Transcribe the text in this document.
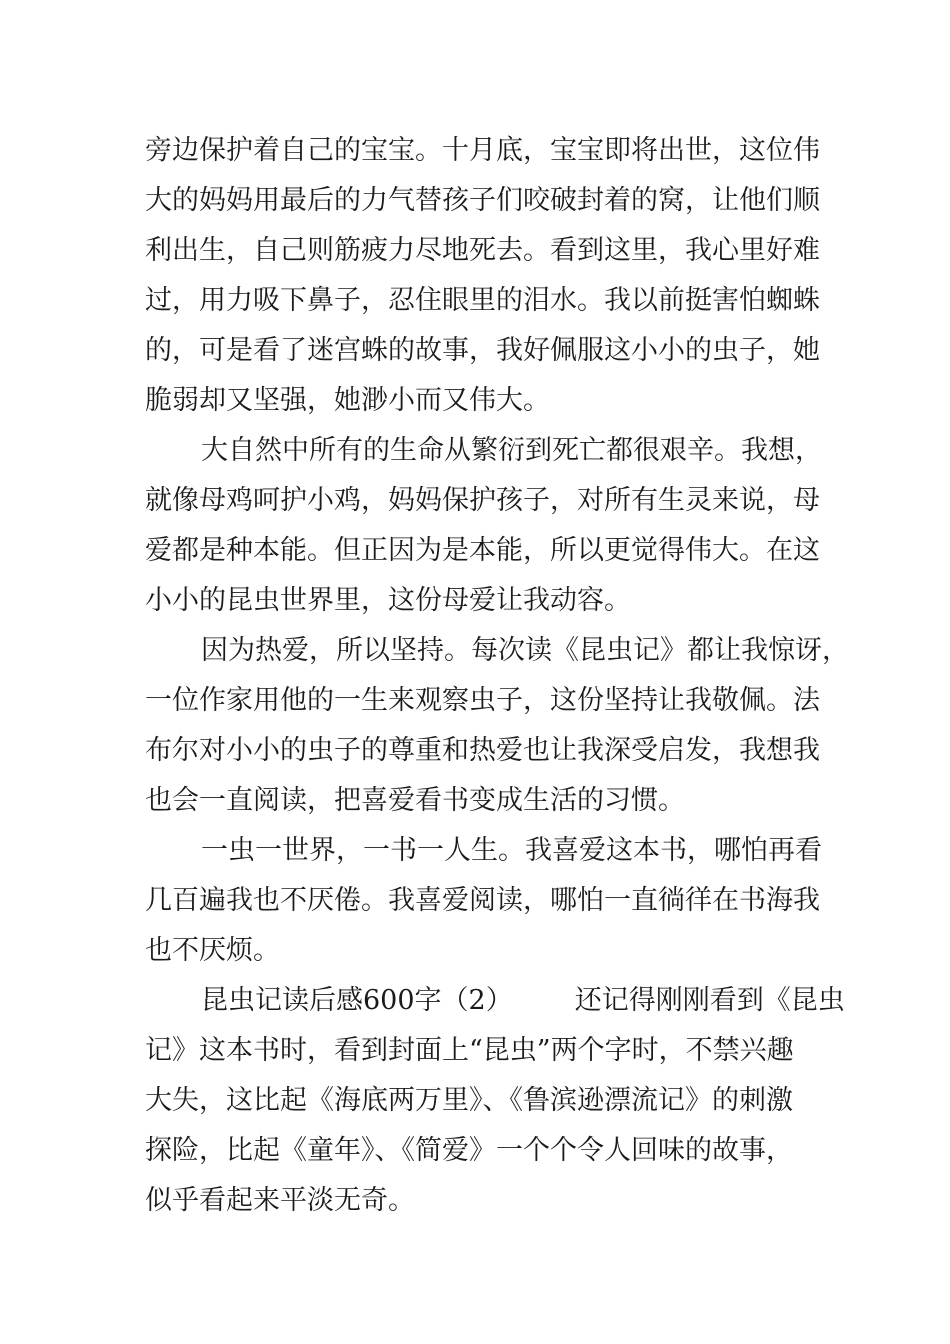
旁边保护着自己的宝宝。十月底，宝宝即将出世，这位伟
大的妈妈用最后的力气替孩子们咬破封着的窝，让他们顺
利出生，自己则筋疲力尽地死去。看到这里，我心里好难
过，用力吸下鼻子，忍住眼里的泪水。我以前挺害怕蜘蛛
的，可是看了迷宫蛛的故事，我好佩服这小小的虫子，她
脆弱却又坚强，她渺小而又伟大。
大自然中所有的生命从繁衍到死亡都很艰辛。我想，
就像母鸡呵护小鸡，妈妈保护孩子，对所有生灵来说，母
爱都是种本能。但正因为是本能，所以更觉得伟大。在这
小小的昆虫世界里，这份母爱让我动容。
因为热爱，所以坚持。每次读《昆虫记》都让我惊讶，
一位作家用他的一生来观察虫子，这份坚持让我敬佩。法
布尔对小小的虫子的尊重和热爱也让我深受启发，我想我
也会一直阅读，把喜爱看书变成生活的习惯。
一虫一世界，一书一人生。我喜爱这本书，哪怕再看
几百遍我也不厌倦。我喜爱阅读，哪怕一直徜徉在书海我
也不厌烦。
昆虫记读后感600字（2） 还记得刚刚看到《昆虫
记》这本书时，看到封面上“昆虫”两个字时，不禁兴趣
大失，这比起《海底两万里》、《鲁滨逊漂流记》的刺激
探险，比起《童年》、《简爱》一个个令人回味的故事，
似乎看起来平淡无奇。
